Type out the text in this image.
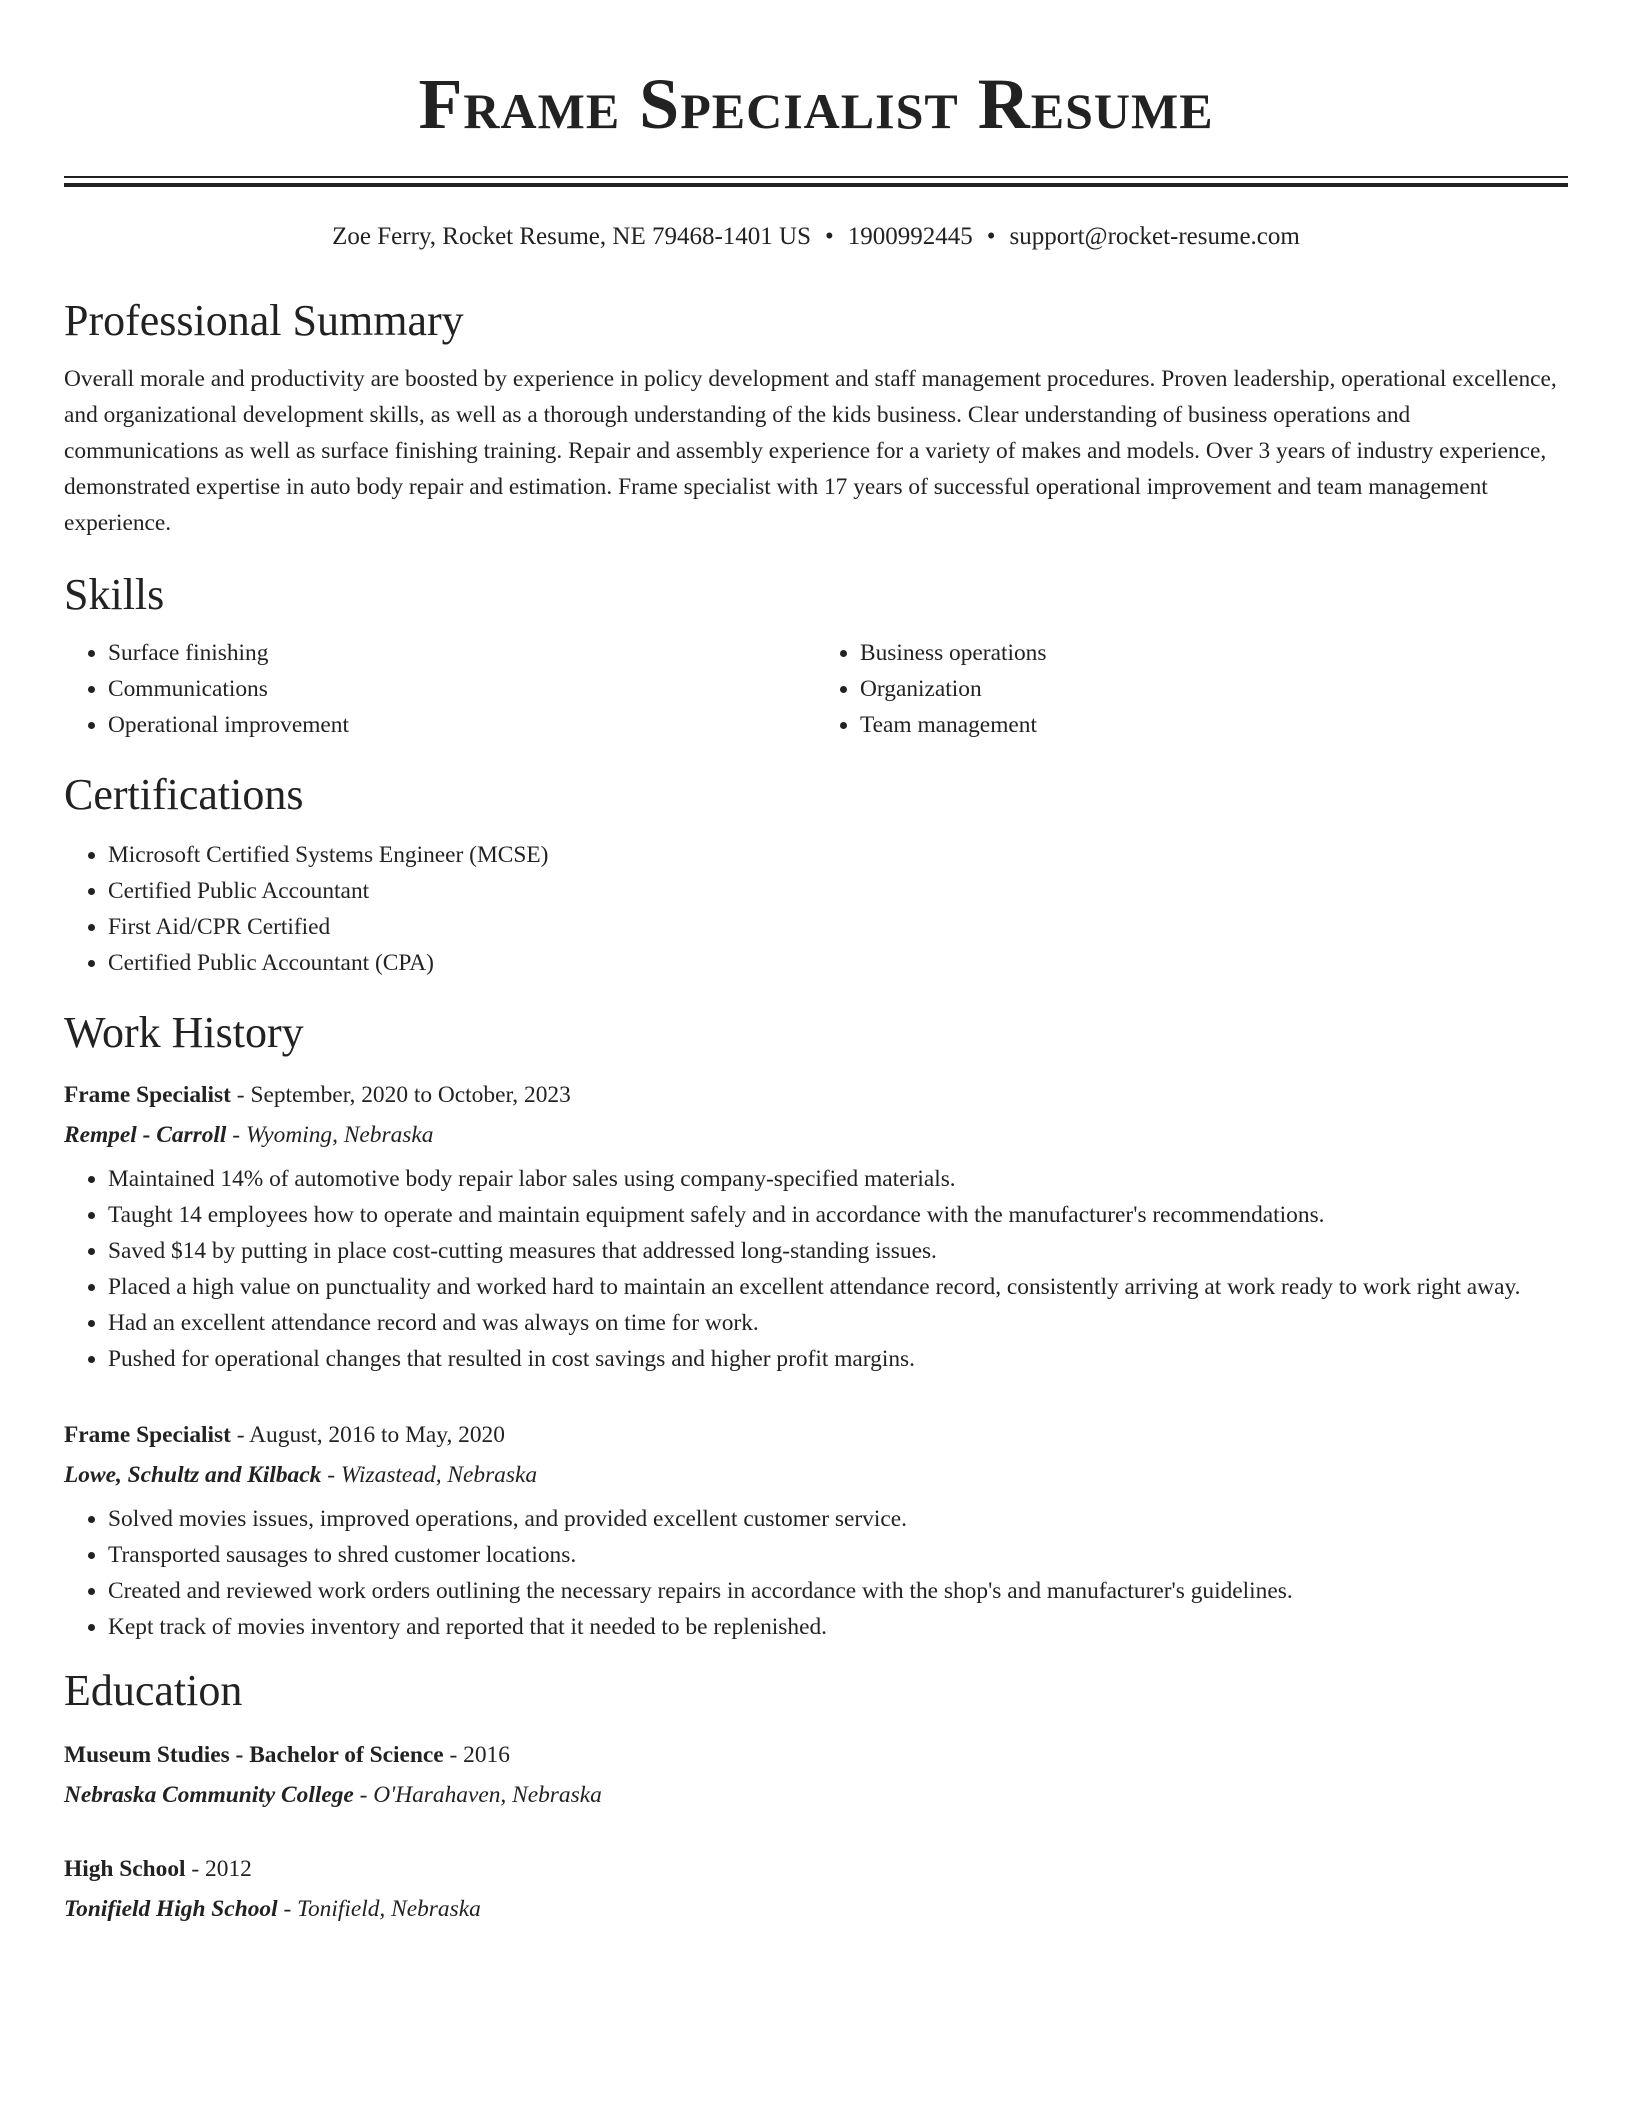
Frame Specialist Resume
Zoe Ferry, Rocket Resume, NE 79468-1401 US • 1900992445 • support@rocket-resume.com
Professional Summary

Overall morale and productivity are boosted by experience in policy development and staff management procedures. Proven leadership, operational excellence, and organizational development skills, as well as a thorough understanding of the kids business. Clear understanding of business operations and communications as well as surface finishing training. Repair and assembly experience for a variety of makes and models. Over 3 years of industry experience, demonstrated expertise in auto body repair and estimation. Frame specialist with 17 years of successful operational improvement and team management experience.

Skills
• Surface finishing
• Communications
• Operational improvement
• Business operations
• Organization
• Team management
Certifications
• Microsoft Certified Systems Engineer (MCSE)
• Certified Public Accountant
• First Aid/CPR Certified
• Certified Public Accountant (CPA)
Work History
Frame Specialist - September, 2020 to October, 2023
Rempel - Carroll - Wyoming, Nebraska
• Maintained 14% of automotive body repair labor sales using company-specified materials.
• Taught 14 employees how to operate and maintain equipment safely and in accordance with the manufacturer's recommendations.
• Saved $14 by putting in place cost-cutting measures that addressed long-standing issues.
• Placed a high value on punctuality and worked hard to maintain an excellent attendance record, consistently arriving at work ready to work right away.
• Had an excellent attendance record and was always on time for work.
• Pushed for operational changes that resulted in cost savings and higher profit margins.
Frame Specialist - August, 2016 to May, 2020
Lowe, Schultz and Kilback - Wizastead, Nebraska
• Solved movies issues, improved operations, and provided excellent customer service.
• Transported sausages to shred customer locations.
• Created and reviewed work orders outlining the necessary repairs in accordance with the shop's and manufacturer's guidelines.
• Kept track of movies inventory and reported that it needed to be replenished.
Education
Museum Studies - Bachelor of Science - 2016
Nebraska Community College - O'Harahaven, Nebraska
High School - 2012
Tonifield High School - Tonifield, Nebraska
